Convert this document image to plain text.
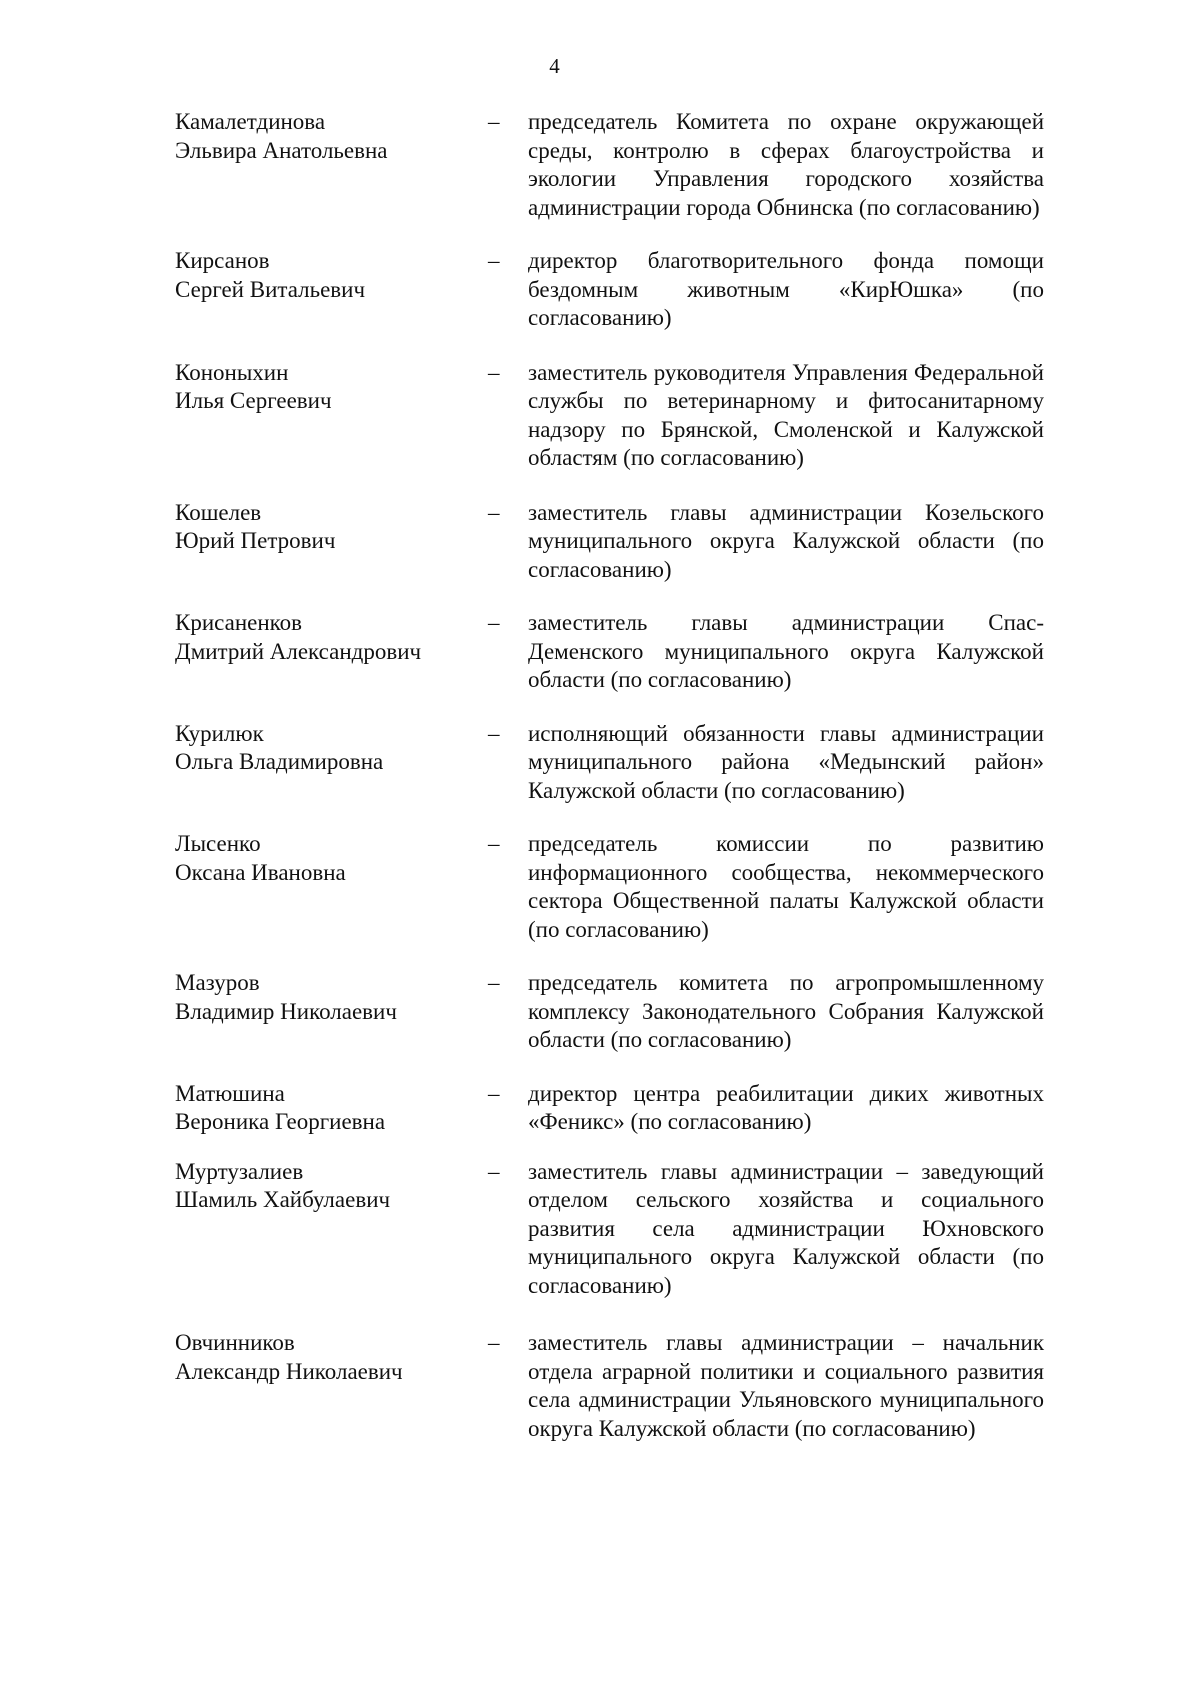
4
Камалетдинова
Эльвира Анатольевна
– председатель Комитета по охране окружающей среды, контролю в сферах благоустройства и экологии Управления городского хозяйства администрации города Обнинска (по согласованию)
Кирсанов
Сергей Витальевич
– директор благотворительного фонда помощи бездомным животным «КирЮшка» (по согласованию)
Кононыхин
Илья Сергеевич
– заместитель руководителя Управления Федеральной службы по ветеринарному и фитосанитарному надзору по Брянской, Смоленской и Калужской областям (по согласованию)
Кошелев
Юрий Петрович
– заместитель главы администрации Козельского муниципального округа Калужской области (по согласованию)
Крисаненков
Дмитрий Александрович
– заместитель главы администрации Спас-Деменского муниципального округа Калужской области (по согласованию)
Курилюк
Ольга Владимировна
– исполняющий обязанности главы администрации муниципального района «Медынский район» Калужской области (по согласованию)
Лысенко
Оксана Ивановна
– председатель комиссии по развитию информационного сообщества, некоммерческого сектора Общественной палаты Калужской области (по согласованию)
Мазуров
Владимир Николаевич
– председатель комитета по агропромышленному комплексу Законодательного Собрания Калужской области (по согласованию)
Матюшина
Вероника Георгиевна
– директор центра реабилитации диких животных «Феникс» (по согласованию)
Муртузалиев
Шамиль Хайбулаевич
– заместитель главы администрации – заведующий отделом сельского хозяйства и социального развития села администрации Юхновского муниципального округа Калужской области (по согласованию)
Овчинников
Александр Николаевич
– заместитель главы администрации – начальник отдела аграрной политики и социального развития села администрации Ульяновского муниципального округа Калужской области (по согласованию)
